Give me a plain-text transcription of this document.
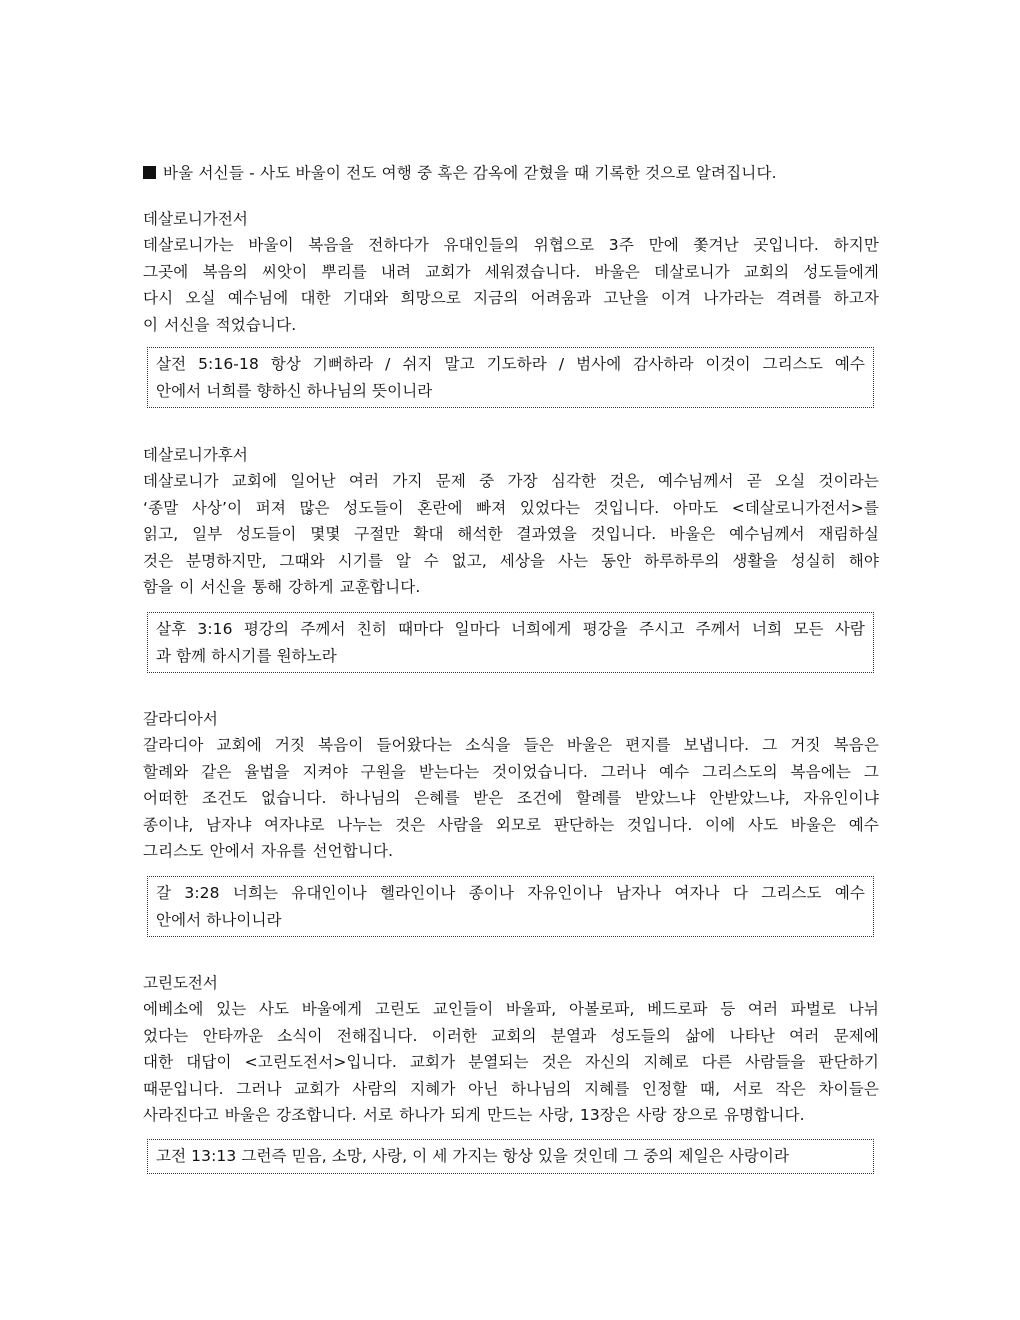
바울 서신들 - 사도 바울이 전도 여행 중 혹은 감옥에 갇혔을 때 기록한 것으로 알려집니다.
데살로니가전서
데살로니가는 바울이 복음을 전하다가 유대인들의 위협으로 3주 만에 쫓겨난 곳입니다. 하지만
그곳에 복음의 씨앗이 뿌리를 내려 교회가 세워졌습니다. 바울은 데살로니가 교회의 성도들에게
다시 오실 예수님에 대한 기대와 희망으로 지금의 어려움과 고난을 이겨 나가라는 격려를 하고자
이 서신을 적었습니다.
살전 5:16-18 항상 기뻐하라 / 쉬지 말고 기도하라 / 범사에 감사하라 이것이 그리스도 예수
안에서 너희를 향하신 하나님의 뜻이니라
데살로니가후서
데살로니가 교회에 일어난 여러 가지 문제 중 가장 심각한 것은, 예수님께서 곧 오실 것이라는
‘종말 사상’이 퍼져 많은 성도들이 혼란에 빠져 있었다는 것입니다. 아마도 <데살로니가전서>를
읽고, 일부 성도들이 몇몇 구절만 확대 해석한 결과였을 것입니다. 바울은 예수님께서 재림하실
것은 분명하지만, 그때와 시기를 알 수 없고, 세상을 사는 동안 하루하루의 생활을 성실히 해야
함을 이 서신을 통해 강하게 교훈합니다.
살후 3:16 평강의 주께서 친히 때마다 일마다 너희에게 평강을 주시고 주께서 너희 모든 사람
과 함께 하시기를 원하노라
갈라디아서
갈라디아 교회에 거짓 복음이 들어왔다는 소식을 들은 바울은 편지를 보냅니다. 그 거짓 복음은
할례와 같은 율법을 지켜야 구원을 받는다는 것이었습니다. 그러나 예수 그리스도의 복음에는 그
어떠한 조건도 없습니다. 하나님의 은혜를 받은 조건에 할례를 받았느냐 안받았느냐, 자유인이냐
종이냐, 남자냐 여자냐로 나누는 것은 사람을 외모로 판단하는 것입니다. 이에 사도 바울은 예수
그리스도 안에서 자유를 선언합니다.
갈 3:28 너희는 유대인이나 헬라인이나 종이나 자유인이나 남자나 여자나 다 그리스도 예수
안에서 하나이니라
고린도전서
에베소에 있는 사도 바울에게 고린도 교인들이 바울파, 아볼로파, 베드로파 등 여러 파벌로 나뉘
었다는 안타까운 소식이 전해집니다. 이러한 교회의 분열과 성도들의 삶에 나타난 여러 문제에
대한 대답이 <고린도전서>입니다. 교회가 분열되는 것은 자신의 지혜로 다른 사람들을 판단하기
때문입니다. 그러나 교회가 사람의 지혜가 아닌 하나님의 지혜를 인정할 때, 서로 작은 차이들은
사라진다고 바울은 강조합니다. 서로 하나가 되게 만드는 사랑, 13장은 사랑 장으로 유명합니다.
고전 13:13 그런즉 믿음, 소망, 사랑, 이 세 가지는 항상 있을 것인데 그 중의 제일은 사랑이라
